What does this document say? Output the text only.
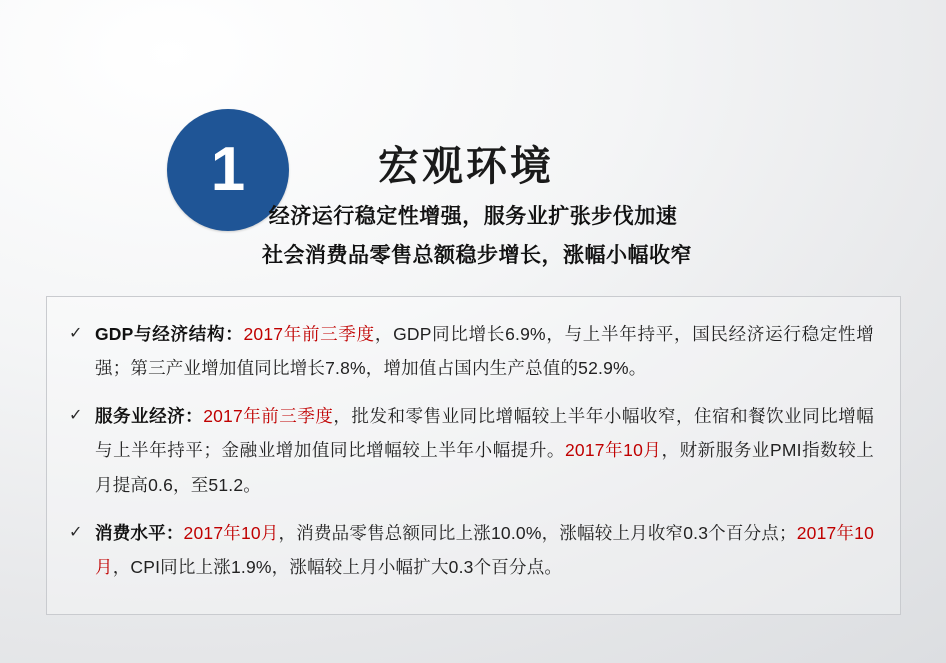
1	宏观环境
经济运行稳定性增强，服务业扩张步伐加速
社会消费品零售总额稳步增长，涨幅小幅收窄
✓ GDP与经济结构：2017年前三季度，GDP同比增长6.9%，与上半年持平，国民经济运行稳定性增强；第三产业增加值同比增长7.8%，增加值占国内生产总值的52.9%。
✓ 服务业经济：2017年前三季度，批发和零售业同比增幅较上半年小幅收窄，住宿和餐饮业同比增幅与上半年持平；金融业增加值同比增幅较上半年小幅提升。2017年10月，财新服务业PMI指数较上月提高0.6，至51.2。
✓ 消费水平：2017年10月，消费品零售总额同比上涨10.0%，涨幅较上月收窄0.3个百分点；2017年10月，CPI同比上涨1.9%，涨幅较上月小幅扩大0.3个百分点。
